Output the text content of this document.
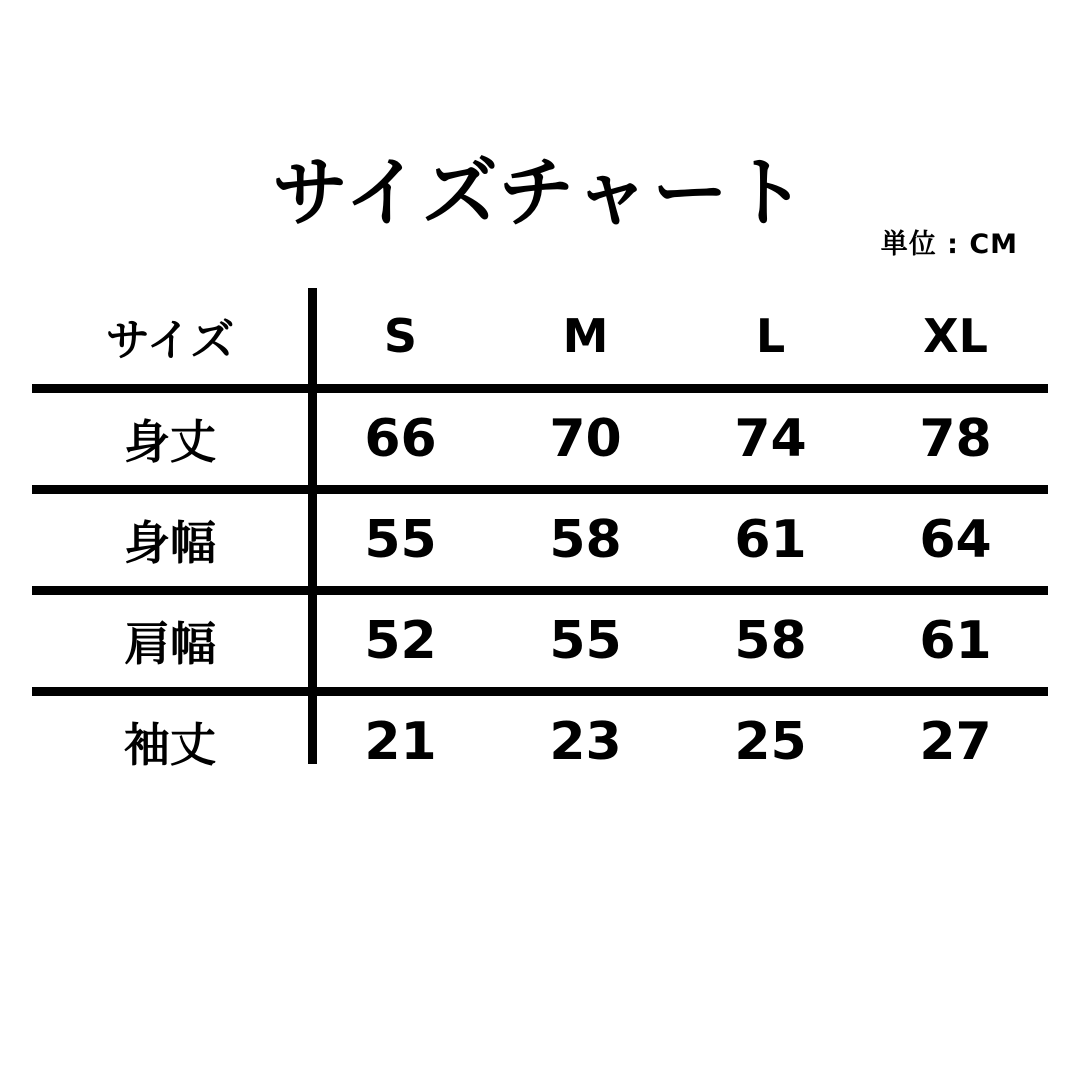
サイズチャート
単位 : CM
サイズ	S	M	L	XL
身丈	66	70	74	78
身幅	55	58	61	64
肩幅	52	55	58	61
袖丈	21	23	25	27
